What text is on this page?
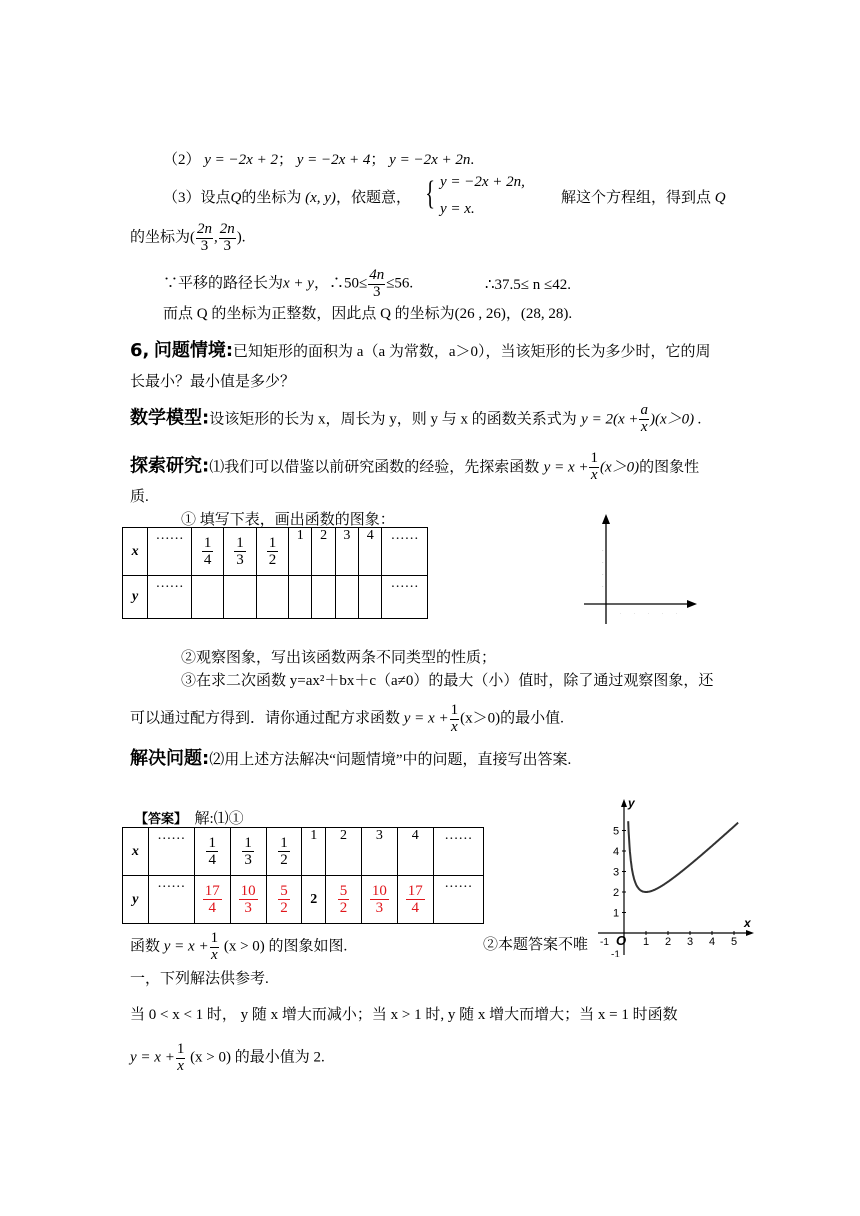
（2） y = −2x + 2； y = −2x + 4； y = −2x + 2n.
（3）设点Q的坐标为 (x, y)，依题意， { y = −2x + 2n,
y = x.
解这个方程组，得到点 Q
的坐标为( $\frac{2n}{3}$ , $\frac{2n}{3}$ ).
∵平移的路径长为x + y，∴50≤ $\frac{4n}{3} \le 56$.	∴37.5≤ n ≤42.
而点 Q 的坐标为正整数，因此点 Q 的坐标为(26 , 26)，(28, 28).
6, 问题情境:已知矩形的面积为 a（a 为常数，a＞0），当该矩形的长为多少时，它的周
长最小？最小值是多少？
数学模型:设该矩形的长为 x，周长为 y，则 y 与 x 的函数关系式为 $y = 2(x + \frac{a}{x} )(x>0)$ .
探索研究:⑴我们可以借鉴以前研究函数的经验，先探索函数 $y = x + \frac{1}{x} (x>0)$的图象性
质.
① 填写下表，画出函数的图象：
x	……	$\frac{1}{4}$	$\frac{1}{3}$	$\frac{1}{2}$	1	2	3	4	……
y	……								……
-
-
-
-
·	·	·	·	·
②观察图象，写出该函数两条不同类型的性质；
③在求二次函数 y=ax²＋bx＋c（a≠0）的最大（小）值时，除了通过观察图象，还
可以通过配方得到．请你通过配方求函数 $y = x + \frac{1}{x} (x>0)$的最小值.
解决问题:⑵用上述方法解决“问题情境”中的问题，直接写出答案.
【答案】 解:⑴①
x	……	$\frac{1}{4}$	$\frac{1}{3}$	$\frac{1}{2}$	1	2	3	4	……
y	……	$\frac{17}{4}$	$\frac{10}{3}$	$\frac{5}{2}$	2	$\frac{5}{2}$	$\frac{10}{3}$	$\frac{17}{4}$	……
函数 $y = x + \frac{1}{x} (x > 0)$ 的图象如图.	②本题答案不唯
一，下列解法供参考.
当 0 < x < 1 时， y 随 x 增大而减小；当 x > 1 时, y 随 x 增大而增大；当 x = 1 时函数
$y = x + \frac{1}{x} (x > 0)$ 的最小值为 2.
y
x
O
1
2
3
4
5
-1
-1	1 2 3 4 5
